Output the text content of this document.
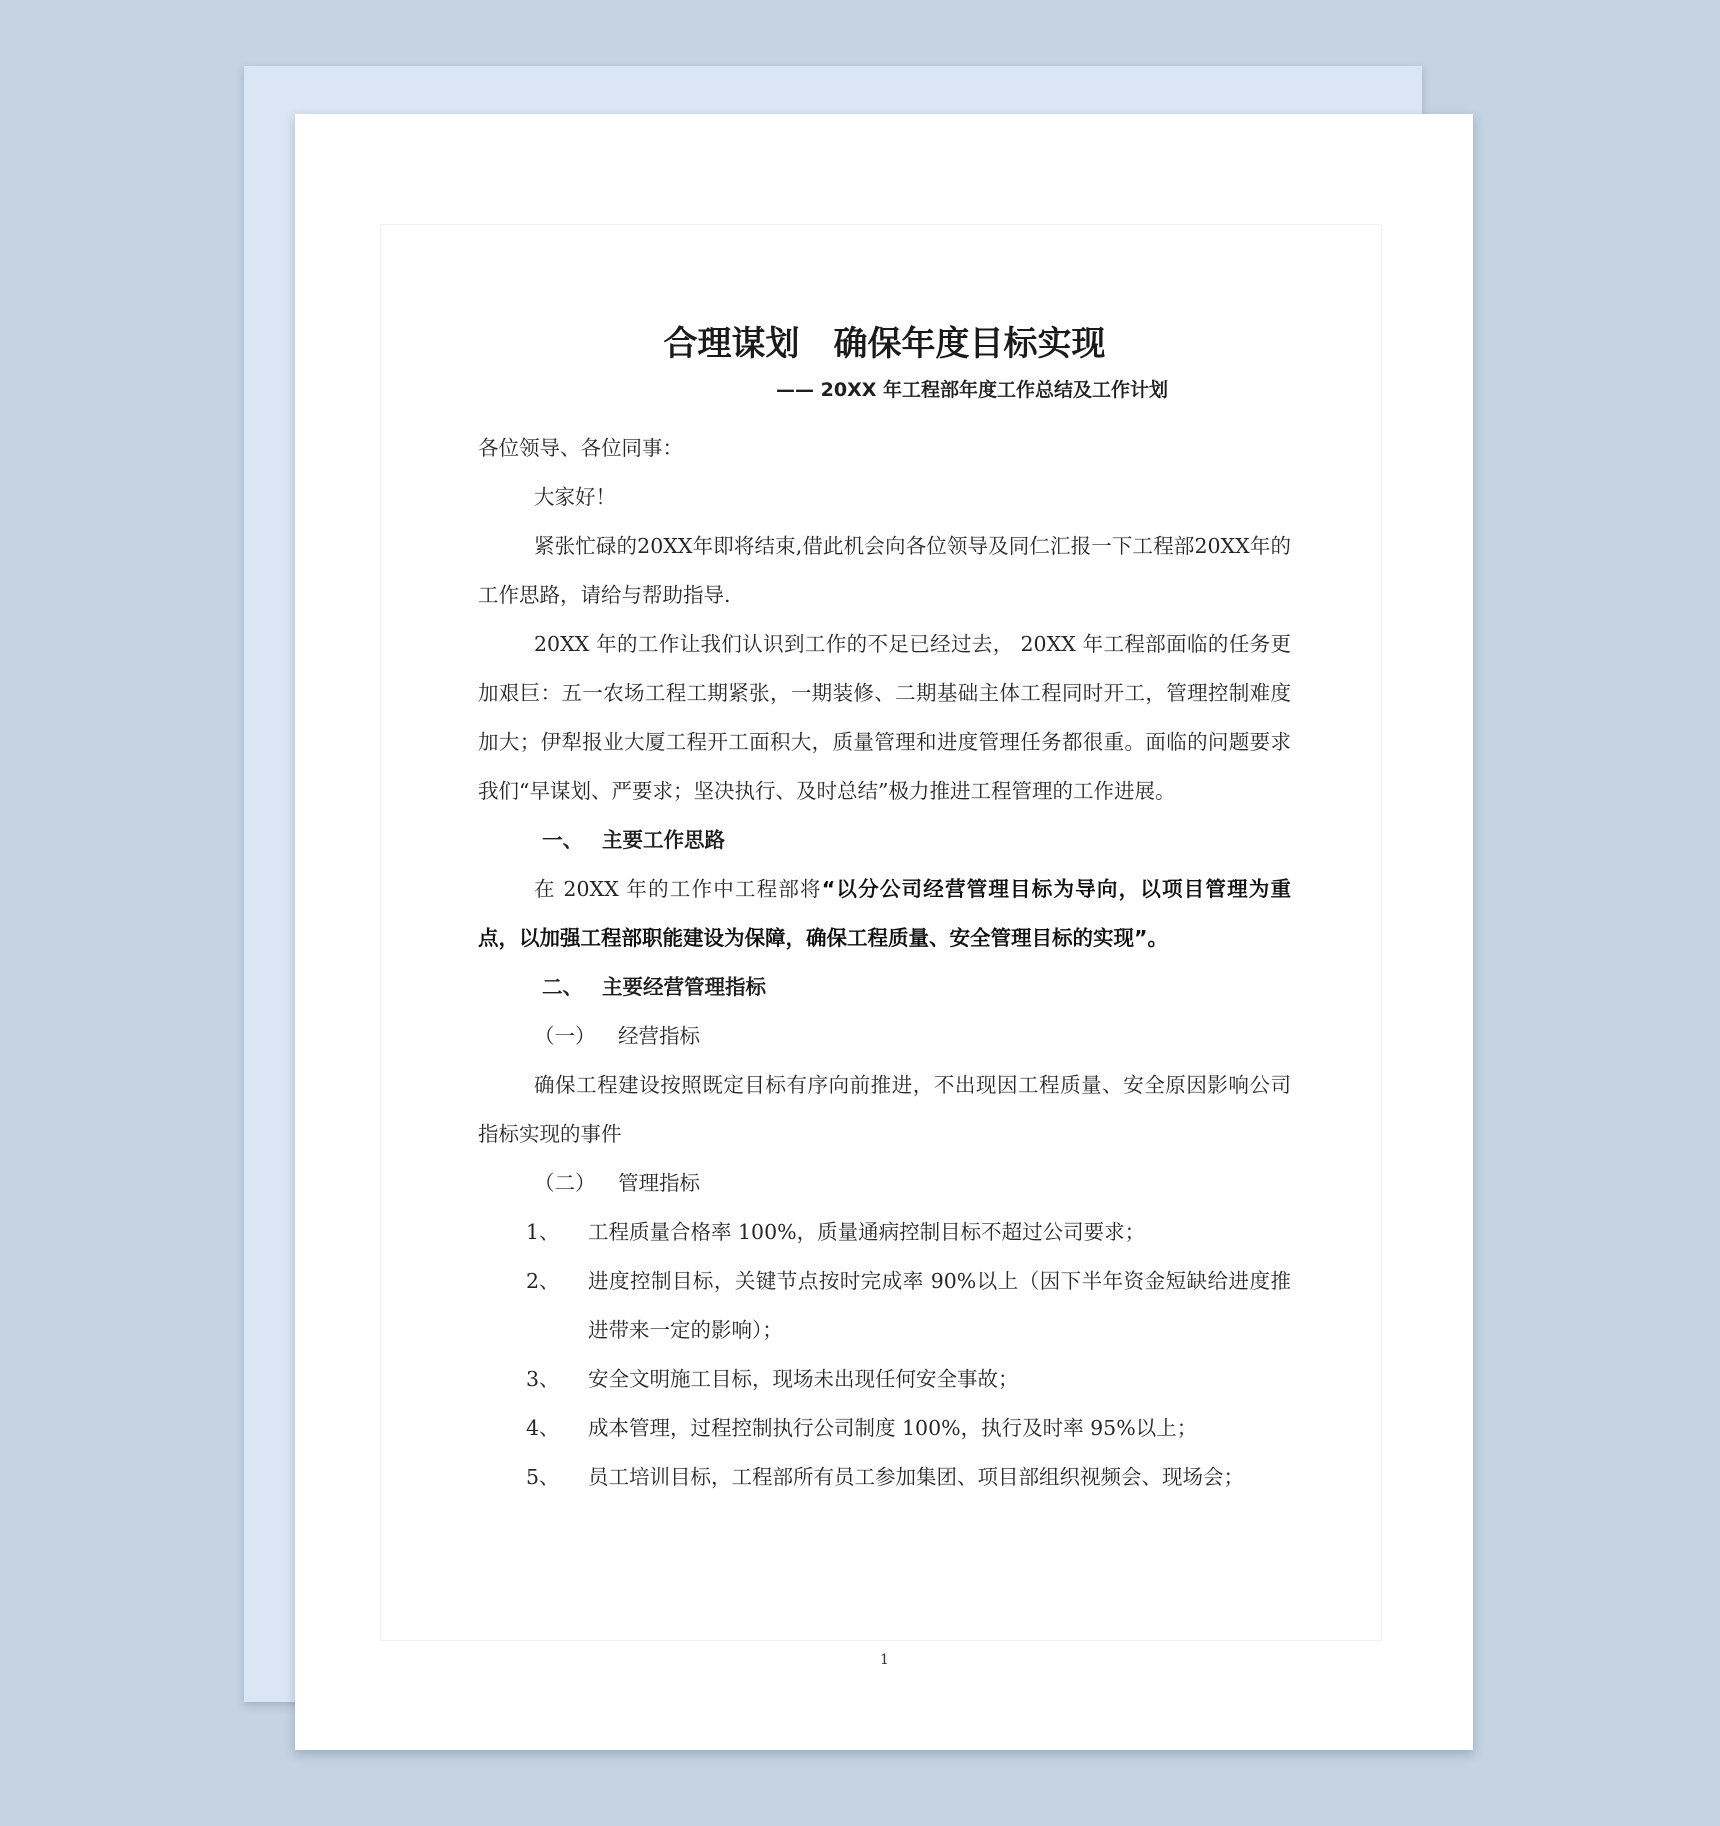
合理谋划　确保年度目标实现
—— 20XX 年工程部年度工作总结及工作计划

各位领导、各位同事：

大家好！

紧张忙碌的20XX年即将结束,借此机会向各位领导及同仁汇报一下工程部20XX年的工作思路，请给与帮助指导.

20XX 年的工作让我们认识到工作的不足已经过去， 20XX 年工程部面临的任务更加艰巨：五一农场工程工期紧张，一期装修、二期基础主体工程同时开工，管理控制难度加大；伊犁报业大厦工程开工面积大，质量管理和进度管理任务都很重。面临的问题要求我们“早谋划、严要求；坚决执行、及时总结”极力推进工程管理的工作进展。

一、 主要工作思路

在 20XX 年的工作中工程部将“以分公司经营管理目标为导向，以项目管理为重点，以加强工程部职能建设为保障，确保工程质量、安全管理目标的实现”。

二、 主要经营管理指标

（一） 经营指标

确保工程建设按照既定目标有序向前推进，不出现因工程质量、安全原因影响公司指标实现的事件

（二） 管理指标

1、 工程质量合格率 100%，质量通病控制目标不超过公司要求；

2、 进度控制目标，关键节点按时完成率 90%以上（因下半年资金短缺给进度推进带来一定的影响）；

3、 安全文明施工目标，现场未出现任何安全事故；

4、 成本管理，过程控制执行公司制度 100%，执行及时率 95%以上；

5、 员工培训目标，工程部所有员工参加集团、项目部组织视频会、现场会；

1
